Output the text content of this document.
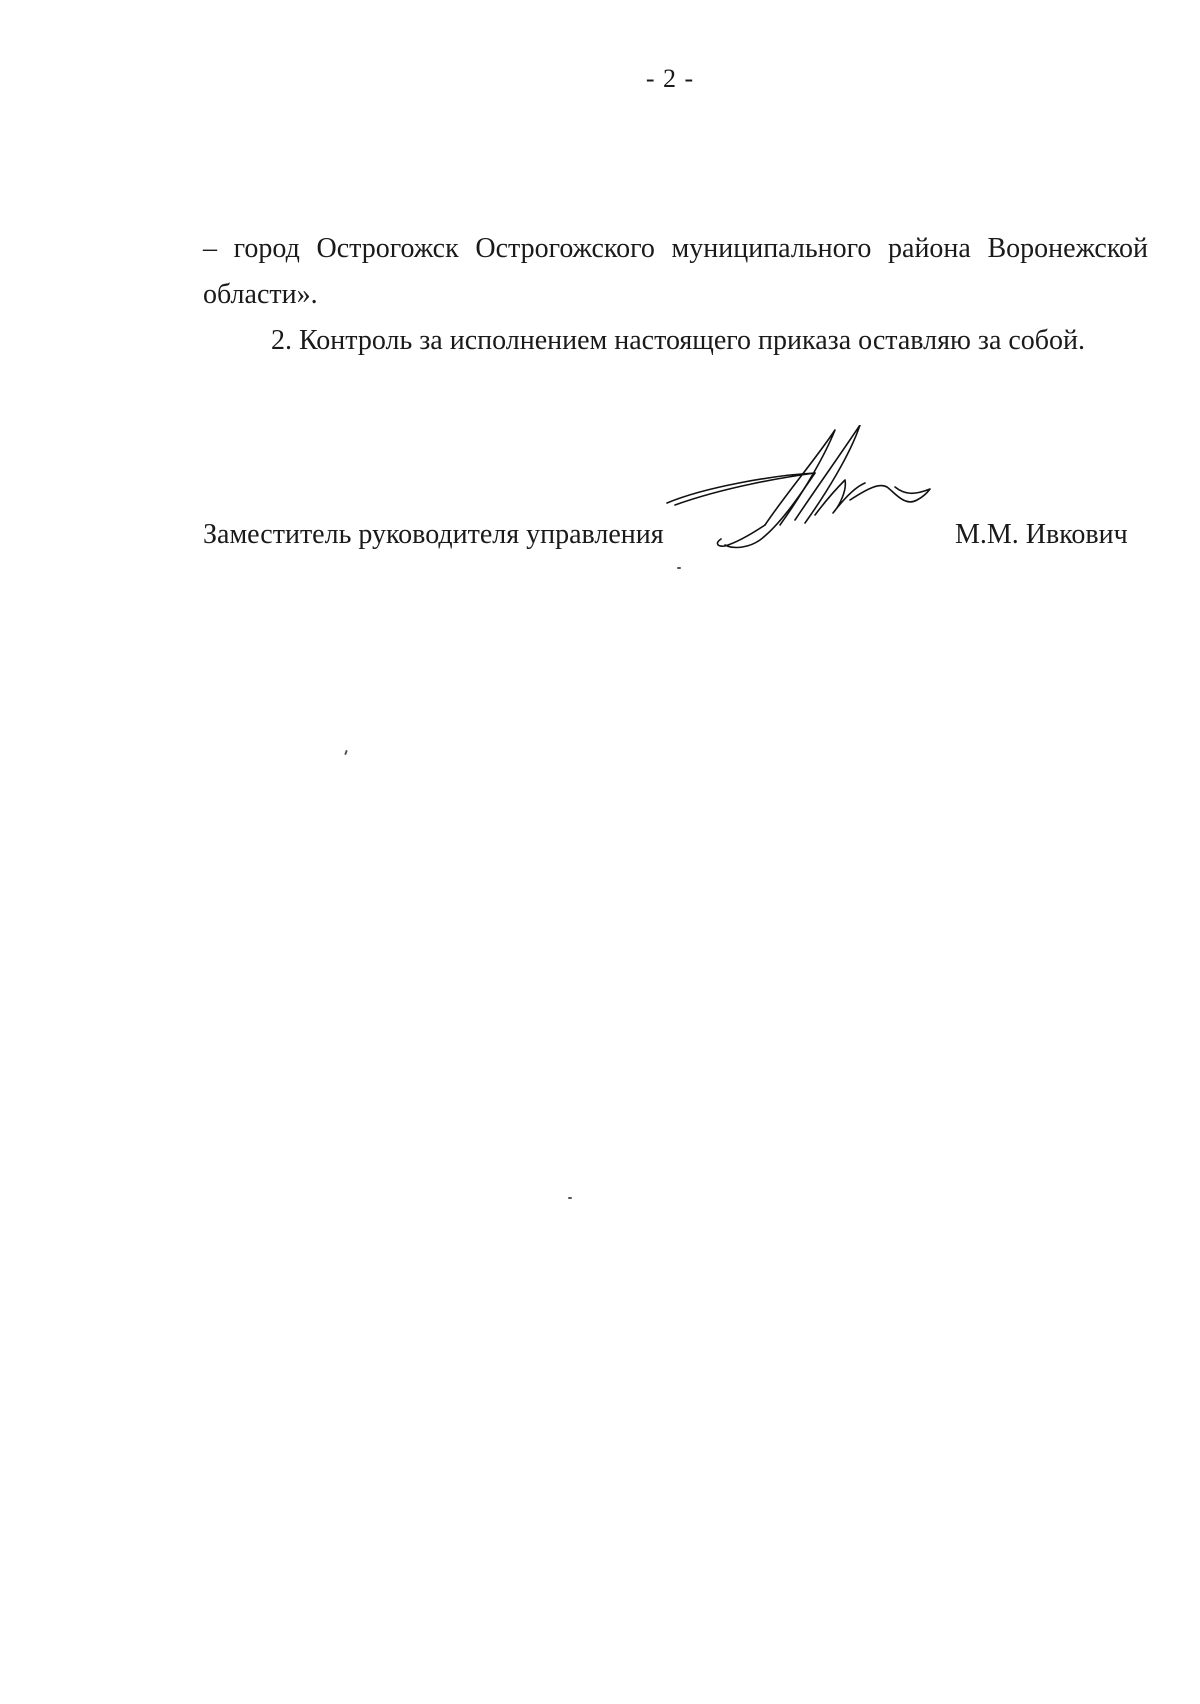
- 2 -

– город Острогожск Острогожского муниципального района Воронежской
области».

2. Контроль за исполнением настоящего приказа оставляю за собой.

Заместитель руководителя управления	М.М. Ивкович
